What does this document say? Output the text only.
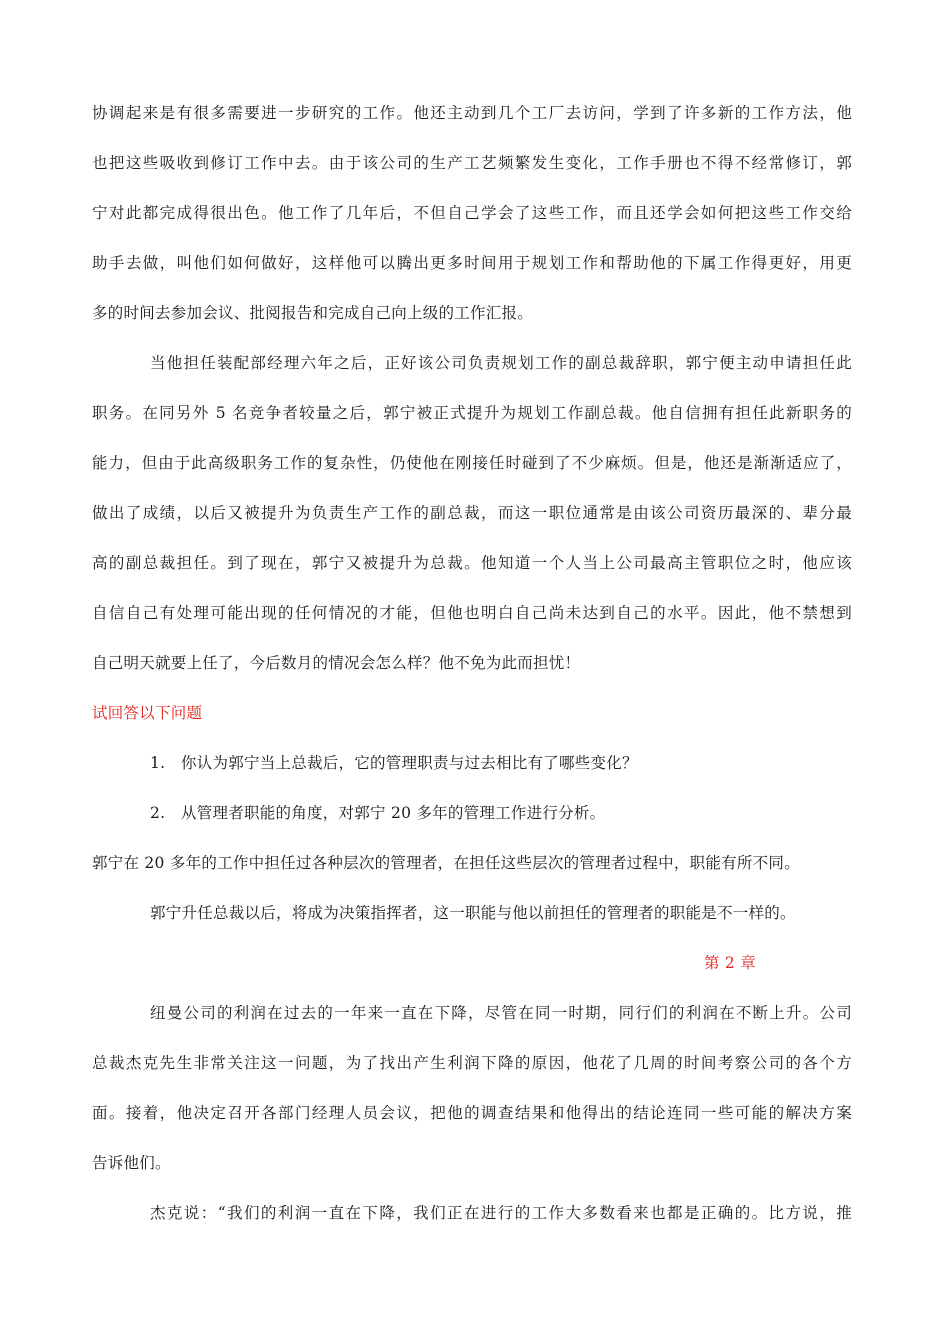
协调起来是有很多需要进一步研究的工作。他还主动到几个工厂去访问，学到了许多新的工作方法，他
也把这些吸收到修订工作中去。由于该公司的生产工艺频繁发生变化，工作手册也不得不经常修订，郭
宁对此都完成得很出色。他工作了几年后，不但自己学会了这些工作，而且还学会如何把这些工作交给
助手去做，叫他们如何做好，这样他可以腾出更多时间用于规划工作和帮助他的下属工作得更好，用更
多的时间去参加会议、批阅报告和完成自己向上级的工作汇报。
当他担任装配部经理六年之后，正好该公司负责规划工作的副总裁辞职，郭宁便主动申请担任此
职务。在同另外 5 名竞争者较量之后，郭宁被正式提升为规划工作副总裁。他自信拥有担任此新职务的
能力，但由于此高级职务工作的复杂性，仍使他在刚接任时碰到了不少麻烦。但是，他还是渐渐适应了，
做出了成绩，以后又被提升为负责生产工作的副总裁，而这一职位通常是由该公司资历最深的、辈分最
高的副总裁担任。到了现在，郭宁又被提升为总裁。他知道一个人当上公司最高主管职位之时，他应该
自信自己有处理可能出现的任何情况的才能，但他也明白自己尚未达到自己的水平。因此，他不禁想到
自己明天就要上任了，今后数月的情况会怎么样？他不免为此而担忧！
试回答以下问题
1.　你认为郭宁当上总裁后，它的管理职责与过去相比有了哪些变化？
2.　从管理者职能的角度，对郭宁 20 多年的管理工作进行分析。
郭宁在 20 多年的工作中担任过各种层次的管理者，在担任这些层次的管理者过程中，职能有所不同。
郭宁升任总裁以后，将成为决策指挥者，这一职能与他以前担任的管理者的职能是不一样的。
第 2 章
纽曼公司的利润在过去的一年来一直在下降，尽管在同一时期，同行们的利润在不断上升。公司
总裁杰克先生非常关注这一问题，为了找出产生利润下降的原因，他花了几周的时间考察公司的各个方
面。接着，他决定召开各部门经理人员会议，把他的调查结果和他得出的结论连同一些可能的解决方案
告诉他们。
杰克说：“我们的利润一直在下降，我们正在进行的工作大多数看来也都是正确的。比方说，推
